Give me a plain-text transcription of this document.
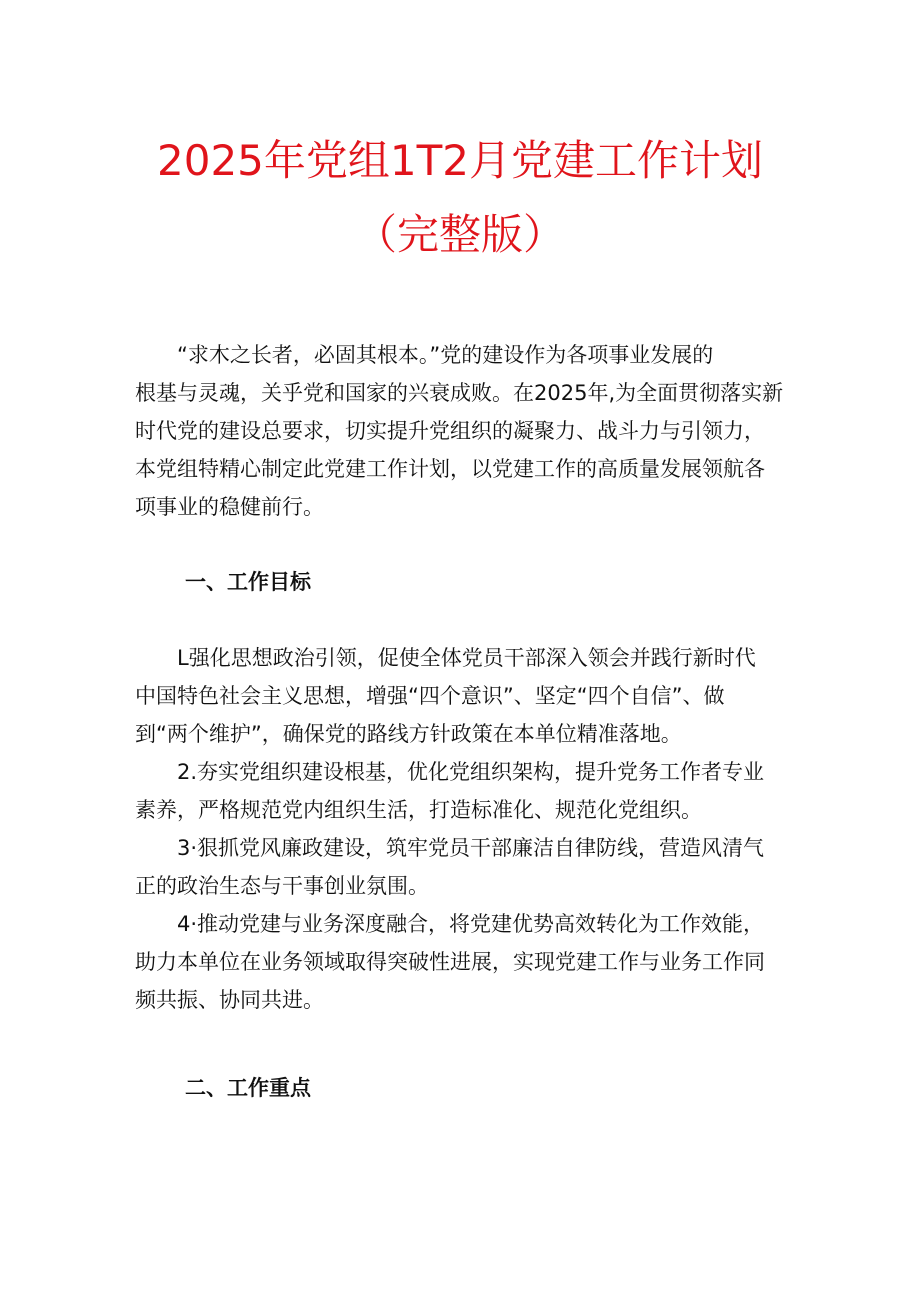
2025年党组1T2月党建工作计划
（完整版）

“求木之长者，必固其根本。”党的建设作为各项事业发展的
根基与灵魂，关乎党和国家的兴衰成败。在2025年,为全面贯彻落实新
时代党的建设总要求，切实提升党组织的凝聚力、战斗力与引领力，
本党组特精心制定此党建工作计划，以党建工作的高质量发展领航各
项事业的稳健前行。

一、工作目标

L强化思想政治引领，促使全体党员干部深入领会并践行新时代
中国特色社会主义思想，增强“四个意识”、坚定“四个自信”、做
到“两个维护”，确保党的路线方针政策在本单位精准落地。

2.夯实党组织建设根基，优化党组织架构，提升党务工作者专业
素养，严格规范党内组织生活，打造标准化、规范化党组织。

3·狠抓党风廉政建设，筑牢党员干部廉洁自律防线，营造风清气
正的政治生态与干事创业氛围。

4·推动党建与业务深度融合，将党建优势高效转化为工作效能，
助力本单位在业务领域取得突破性进展，实现党建工作与业务工作同
频共振、协同共进。

二、工作重点
